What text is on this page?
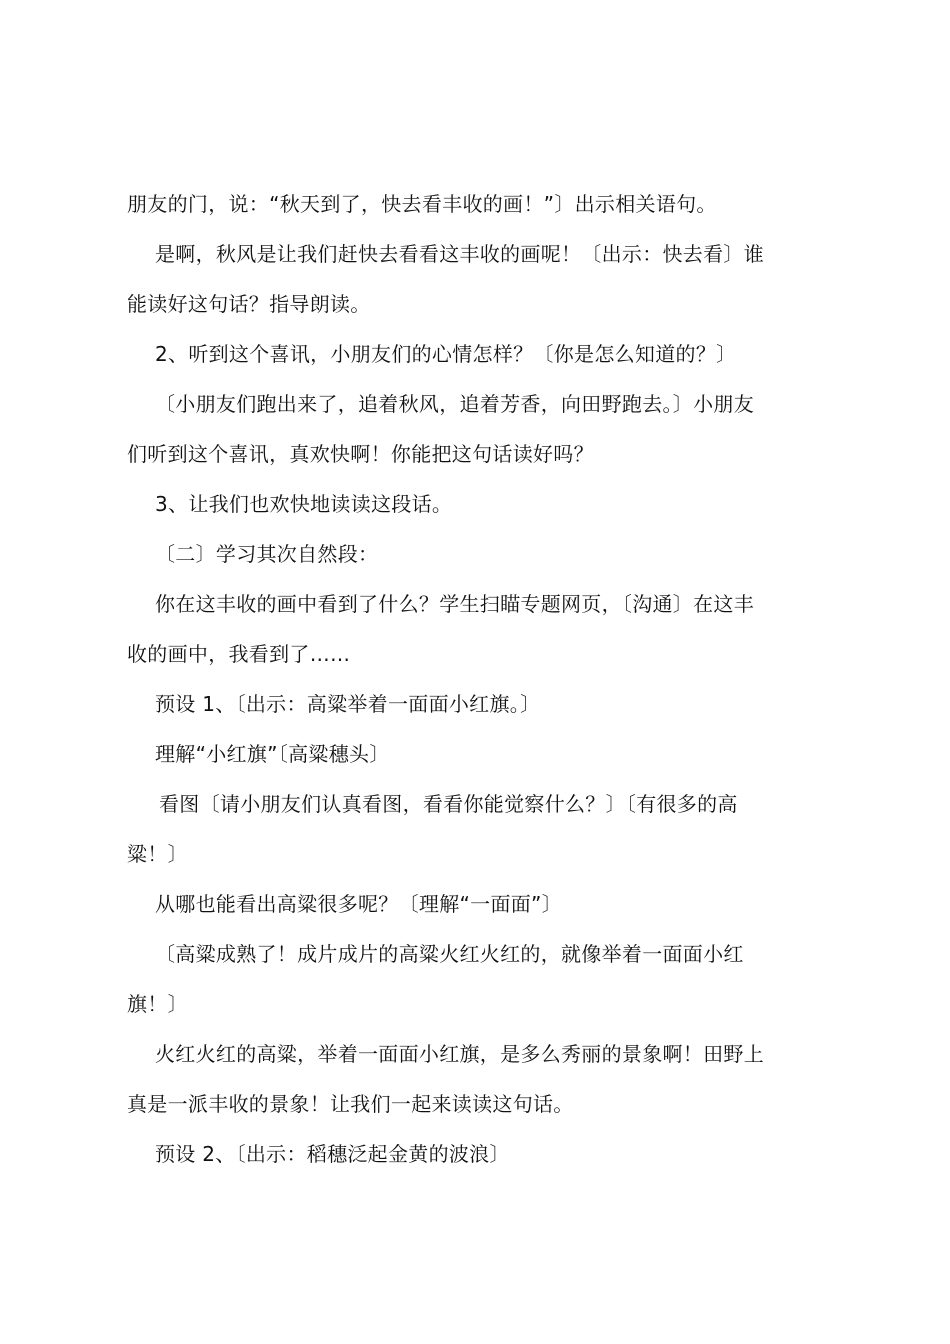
朋友的门，说：“秋天到了，快去看丰收的画！”〕出示相关语句。
是啊，秋风是让我们赶快去看看这丰收的画呢！〔出示：快去看〕谁
能读好这句话？指导朗读。
2、听到这个喜讯，小朋友们的心情怎样？〔你是怎么知道的？〕
〔小朋友们跑出来了，追着秋风，追着芳香，向田野跑去。〕小朋友
们听到这个喜讯，真欢快啊！你能把这句话读好吗？
3、让我们也欢快地读读这段话。
〔二〕学习其次自然段：
你在这丰收的画中看到了什么？学生扫瞄专题网页，〔沟通〕在这丰
收的画中，我看到了……
预设 1、〔出示：高粱举着一面面小红旗。〕
理解“小红旗”〔高粱穗头〕
看图〔请小朋友们认真看图，看看你能觉察什么？〕〔有很多的高
粱！〕
从哪也能看出高粱很多呢？〔理解“一面面”〕
〔高粱成熟了！成片成片的高粱火红火红的，就像举着一面面小红
旗！〕
火红火红的高粱，举着一面面小红旗，是多么秀丽的景象啊！田野上
真是一派丰收的景象！让我们一起来读读这句话。
预设 2、〔出示：稻穗泛起金黄的波浪〕
